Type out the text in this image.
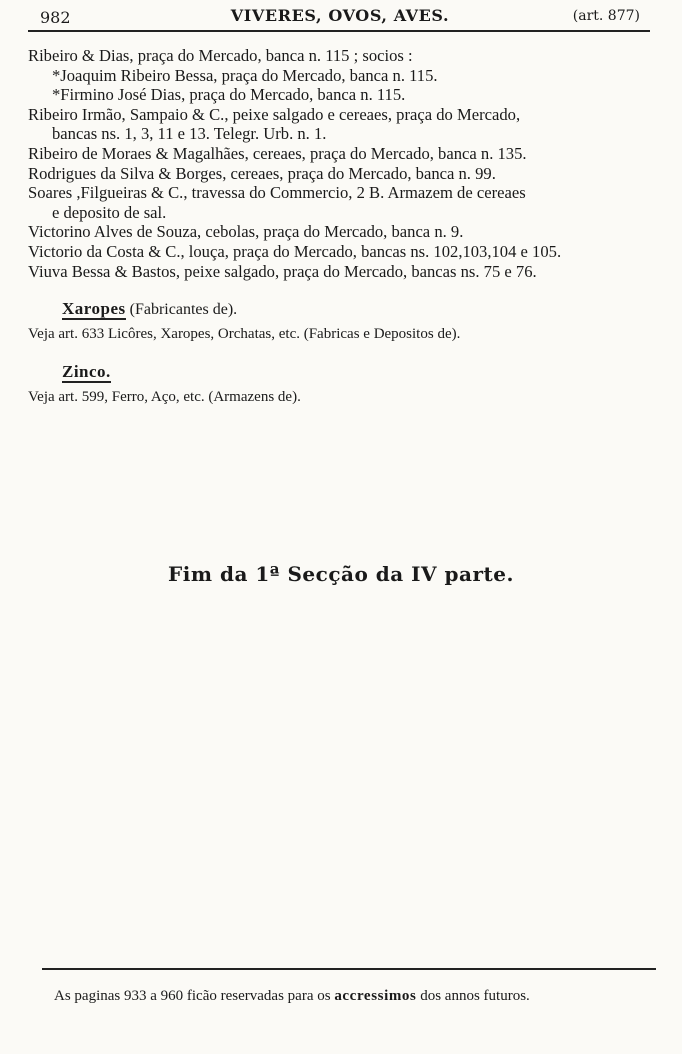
982	VIVERES, OVOS, AVES.	(art. 877)
Ribeiro & Dias, praça do Mercado, banca n. 115 ; socios :
*Joaquim Ribeiro Bessa, praça do Mercado, banca n. 115.
*Firmino José Dias, praça do Mercado, banca n. 115.
Ribeiro Irmão, Sampaio & C., peixe salgado e cereaes, praça do Mercado,
bancas ns. 1, 3, 11 e 13. Telegr. Urb. n. 1.
Ribeiro de Moraes & Magalhães, cereaes, praça do Mercado, banca n. 135.
Rodrigues da Silva & Borges, cereaes, praça do Mercado, banca n. 99.
Soares ,Filgueiras & C., travessa do Commercio, 2 B. Armazem de cereaes
e deposito de sal.
Victorino Alves de Souza, cebolas, praça do Mercado, banca n. 9.
Victorio da Costa & C., louça, praça do Mercado, bancas ns. 102,103,104 e 105.
Viuva Bessa & Bastos, peixe salgado, praça do Mercado, bancas ns. 75 e 76.
Xaropes (Fabricantes de).
Veja art. 633 Licôres, Xaropes, Orchatas, etc. (Fabricas e Depositos de).
Zinco.
Veja art. 599, Ferro, Aço, etc. (Armazens de).
Fim da 1ª Secção da IV parte.
As paginas 933 a 960 ficão reservadas para os accressimos dos annos futuros.
